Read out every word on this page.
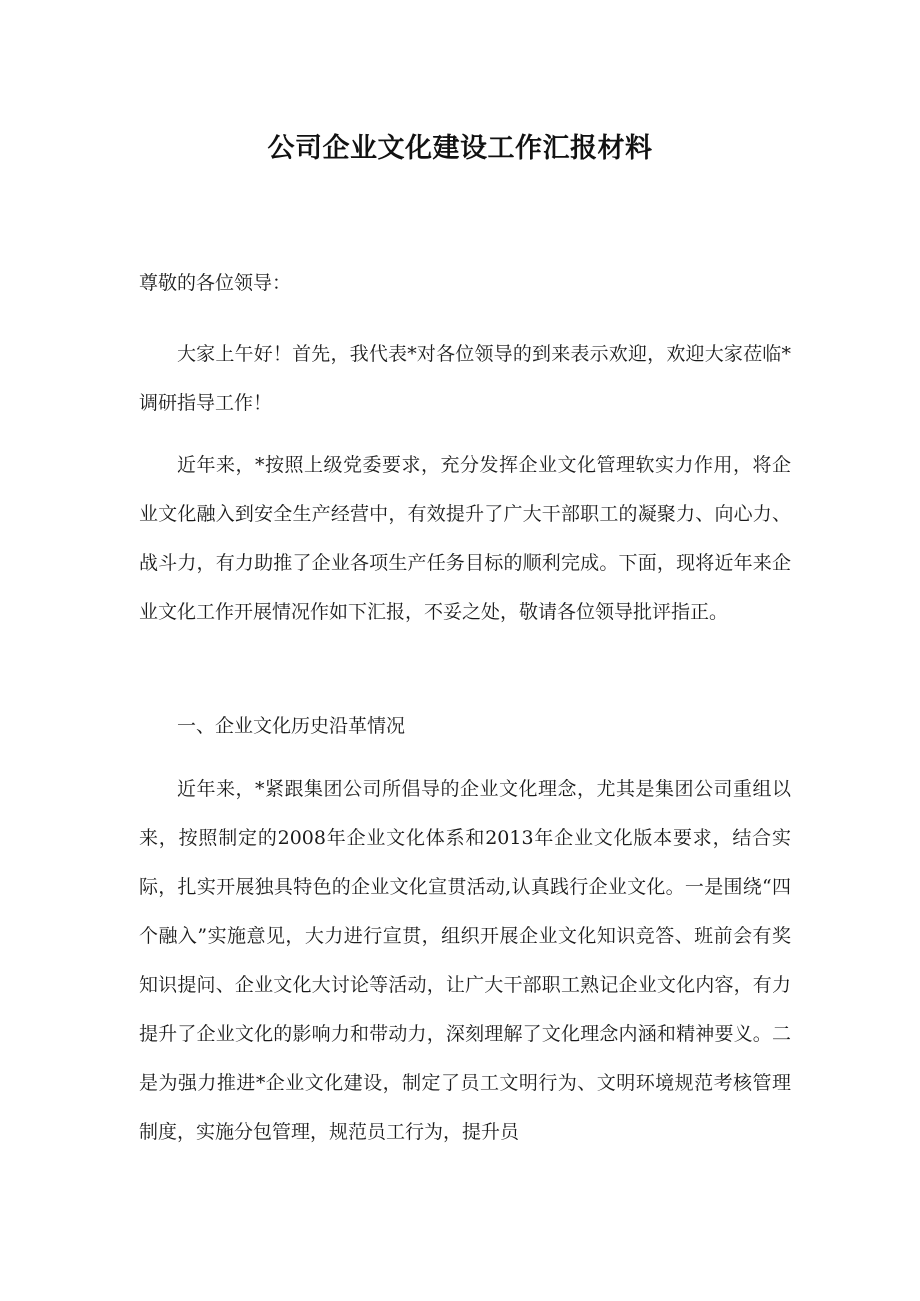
公司企业文化建设工作汇报材料

尊敬的各位领导：

大家上午好！首先，我代表*对各位领导的到来表示欢迎，欢迎大家莅临*调研指导工作！

近年来，*按照上级党委要求，充分发挥企业文化管理软实力作用，将企业文化融入到安全生产经营中，有效提升了广大干部职工的凝聚力、向心力、战斗力，有力助推了企业各项生产任务目标的顺利完成。下面，现将近年来企业文化工作开展情况作如下汇报，不妥之处，敬请各位领导批评指正。

一、企业文化历史沿革情况

近年来，*紧跟集团公司所倡导的企业文化理念，尤其是集团公司重组以来，按照制定的2008年企业文化体系和2013年企业文化版本要求，结合实际，扎实开展独具特色的企业文化宣贯活动,认真践行企业文化。一是围绕“四个融入”实施意见，大力进行宣贯，组织开展企业文化知识竞答、班前会有奖知识提问、企业文化大讨论等活动，让广大干部职工熟记企业文化内容，有力提升了企业文化的影响力和带动力，深刻理解了文化理念内涵和精神要义。二是为强力推进*企业文化建设，制定了员工文明行为、文明环境规范考核管理制度，实施分包管理，规范员工行为，提升员
